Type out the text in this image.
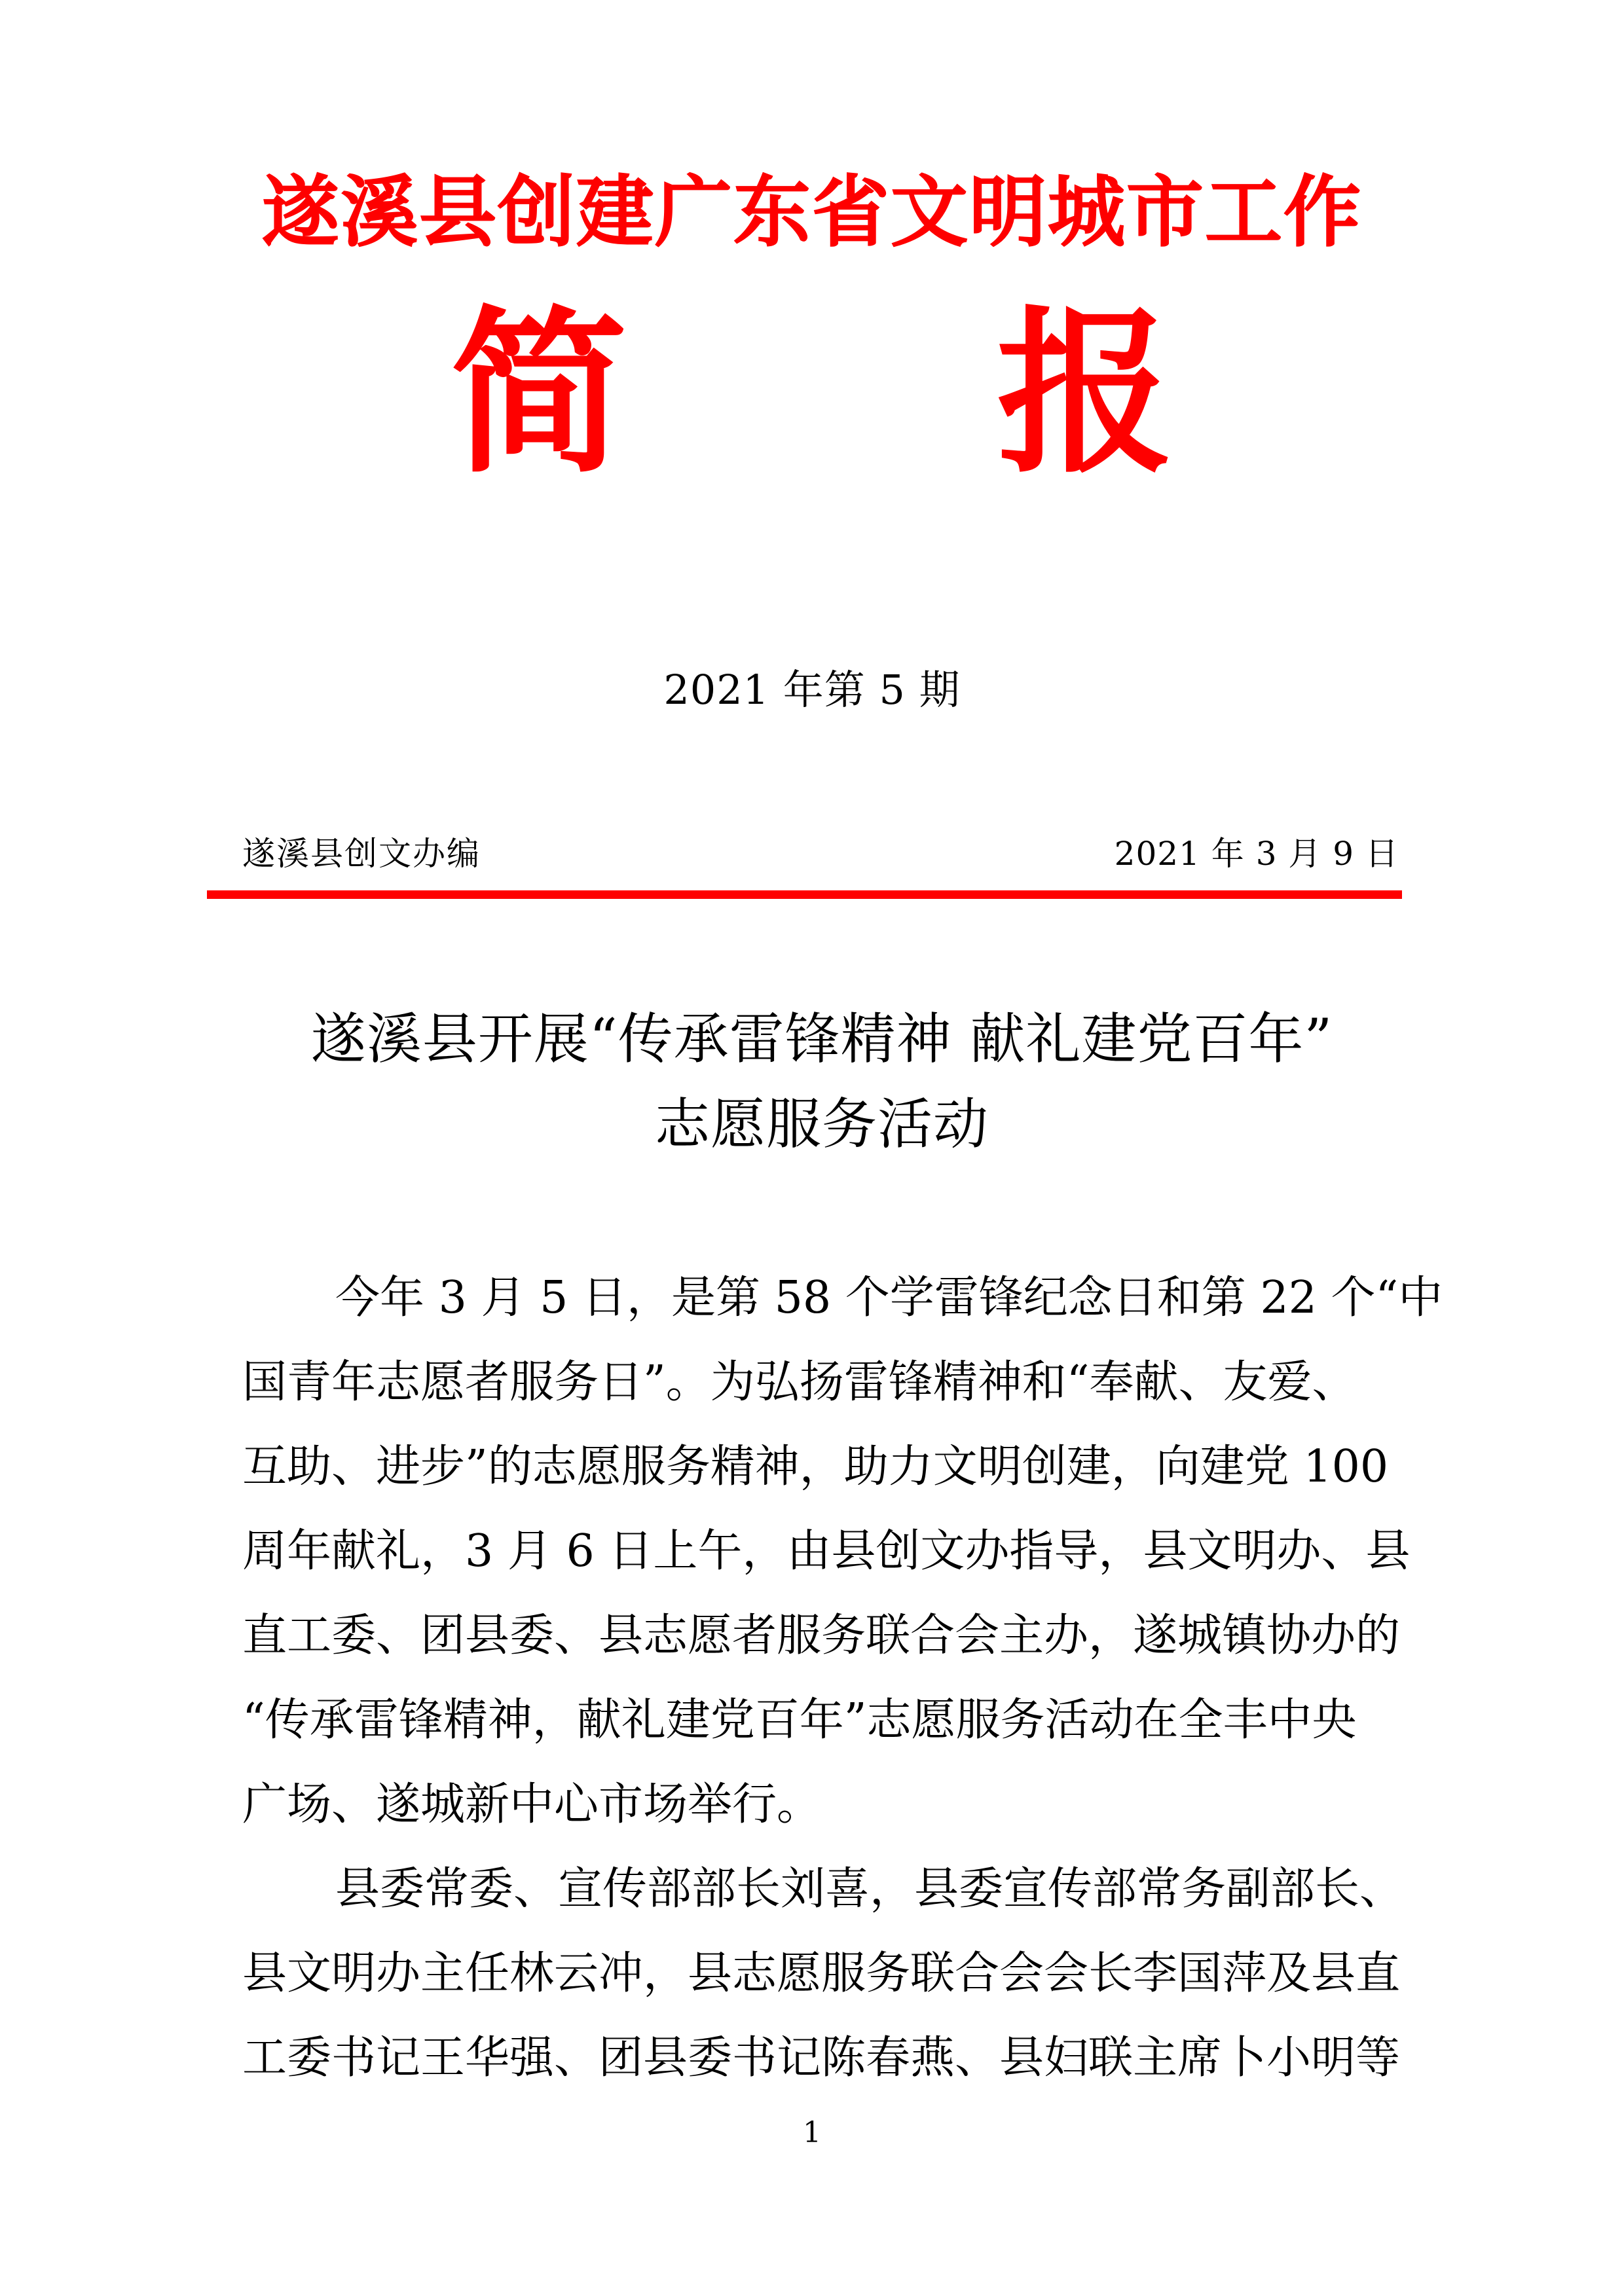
遂溪县创建广东省文明城市工作
简      报
2021 年第 5 期
遂溪县创文办编	2021 年 3 月 9 日
遂溪县开展“传承雷锋精神 献礼建党百年”
志愿服务活动

今年 3 月 5 日，是第 58 个学雷锋纪念日和第 22 个“中
国青年志愿者服务日”。为弘扬雷锋精神和“奉献、友爱、
互助、进步”的志愿服务精神，助力文明创建，向建党 100
周年献礼，3 月 6 日上午，由县创文办指导，县文明办、县
直工委、团县委、县志愿者服务联合会主办，遂城镇协办的
“传承雷锋精神，献礼建党百年”志愿服务活动在全丰中央
广场、遂城新中心市场举行。

县委常委、宣传部部长刘喜，县委宣传部常务副部长、
县文明办主任林云冲，县志愿服务联合会会长李国萍及县直
工委书记王华强、团县委书记陈春燕、县妇联主席卜小明等

1
